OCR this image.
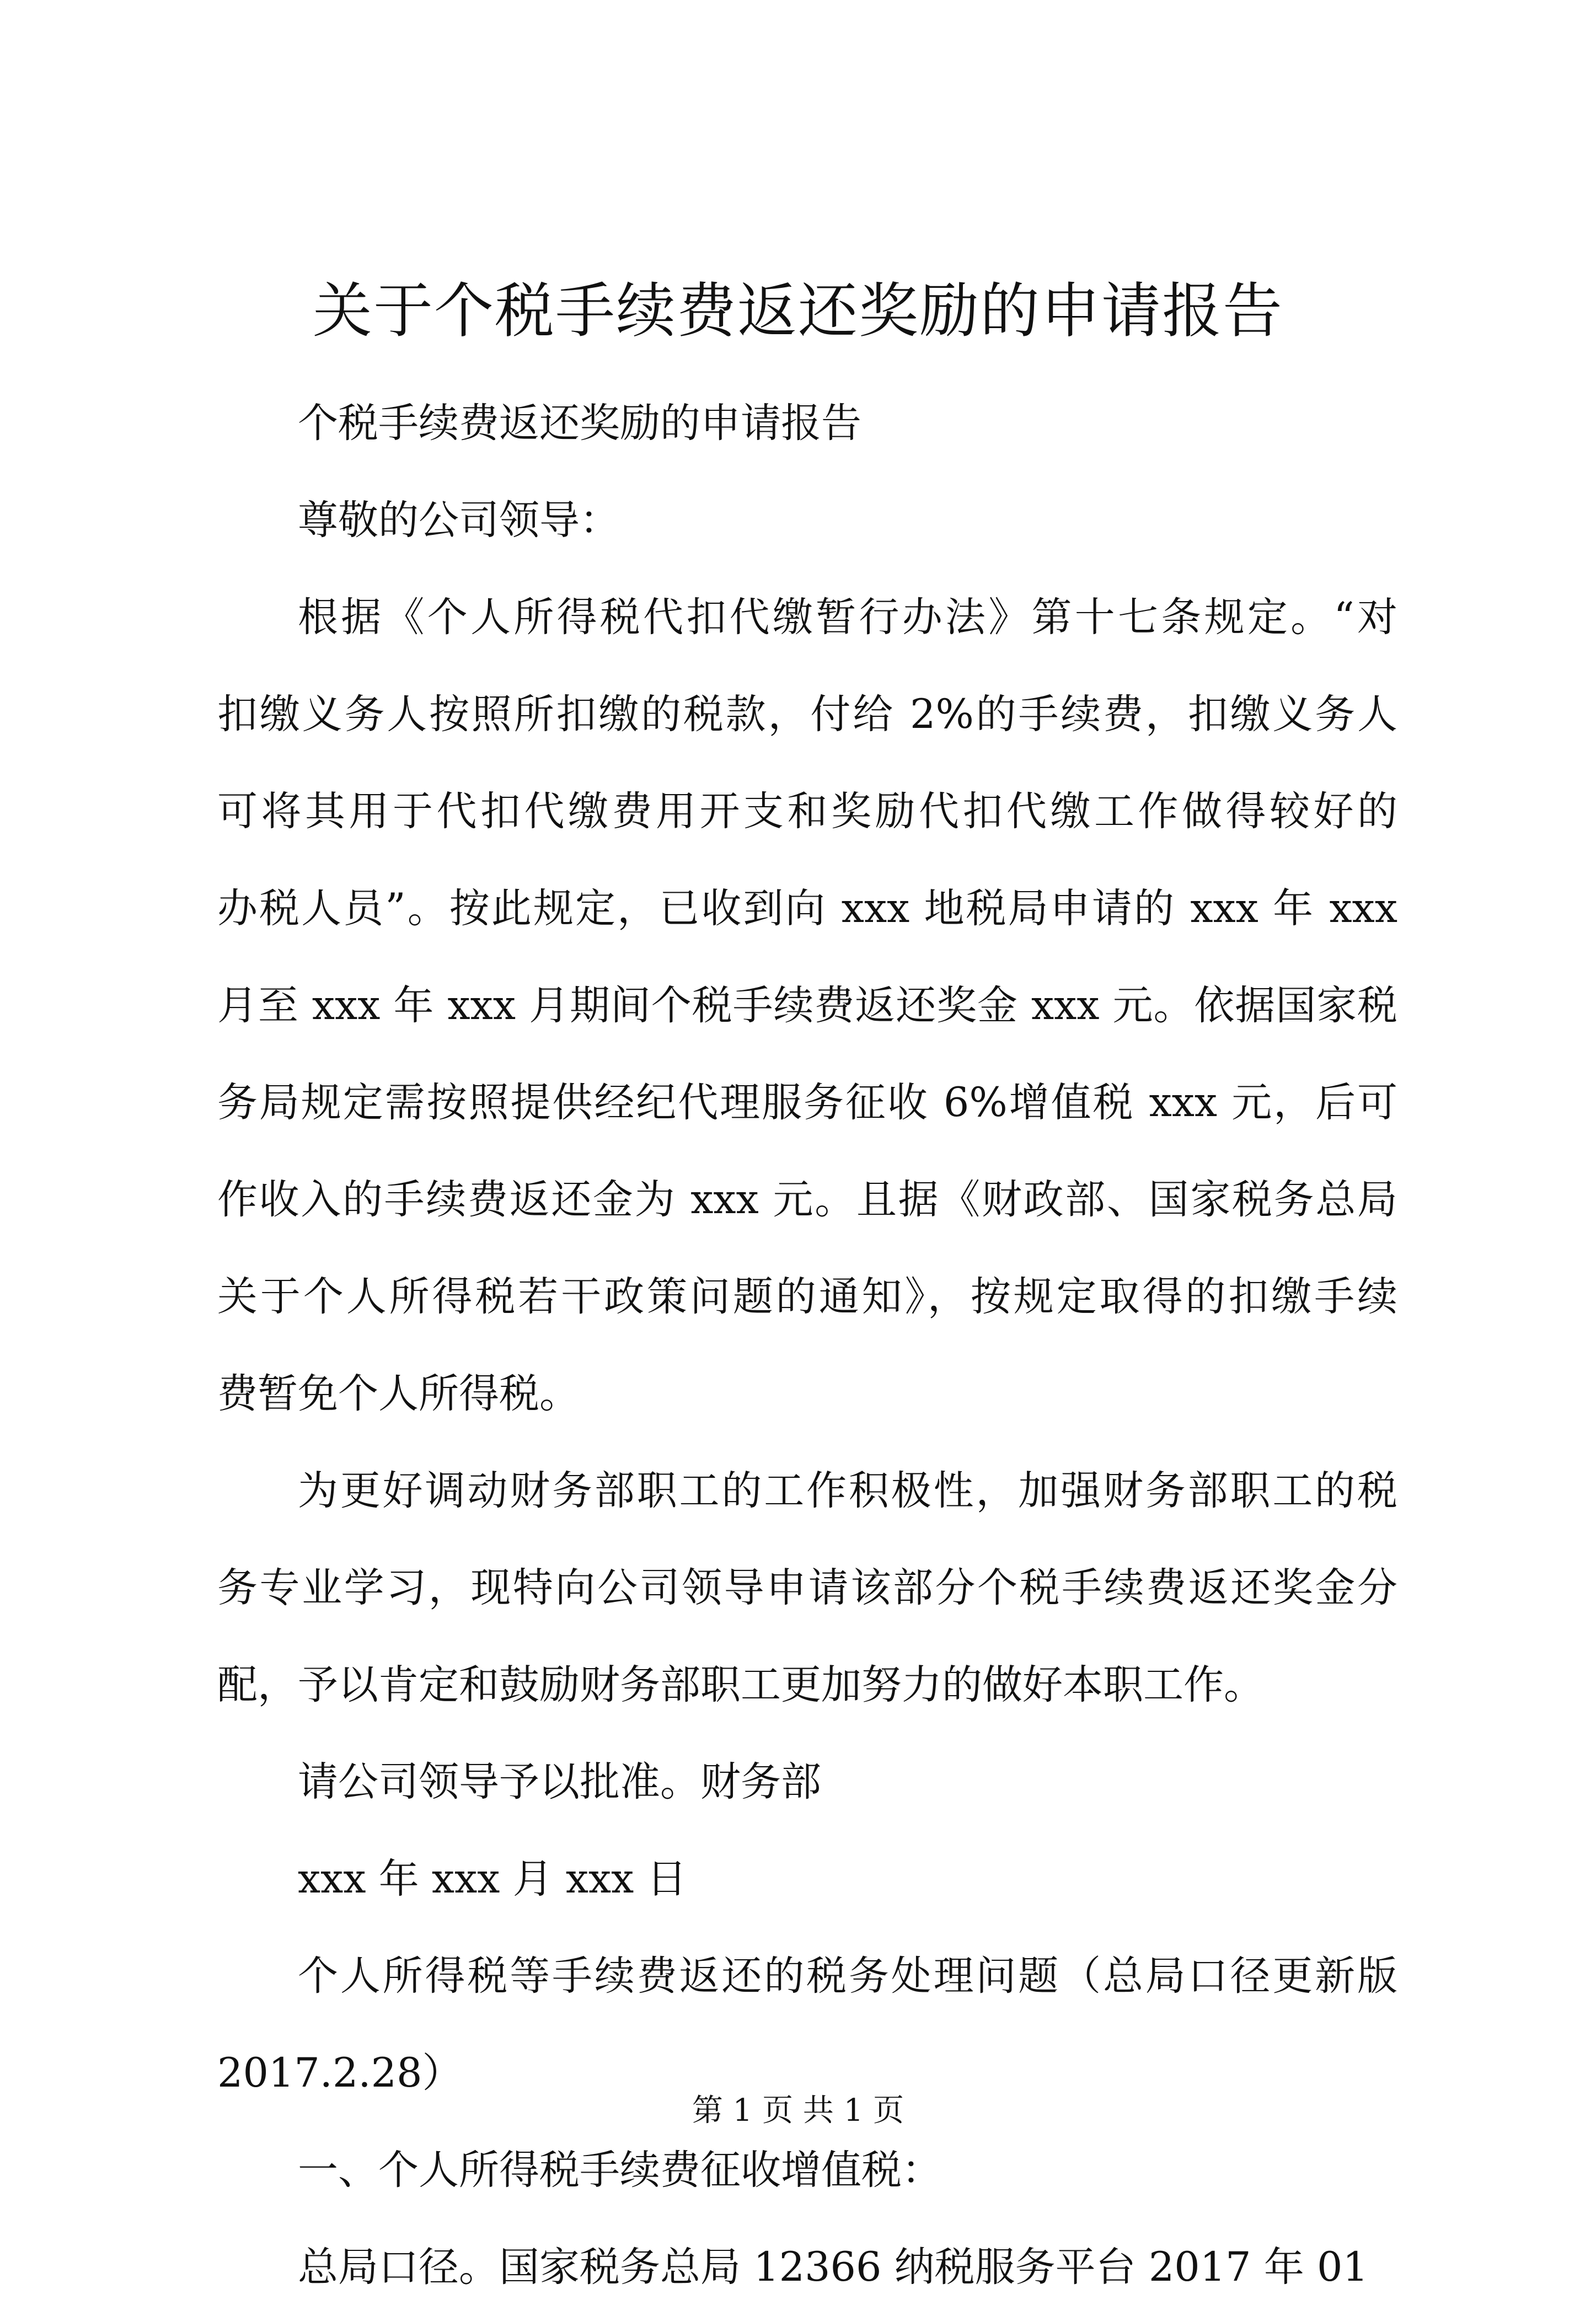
关于个税手续费返还奖励的申请报告
个税手续费返还奖励的申请报告
尊敬的公司领导：
根据《个人所得税代扣代缴暂行办法》第十七条规定。“对
扣缴义务人按照所扣缴的税款，付给 2%的手续费，扣缴义务人
可将其用于代扣代缴费用开支和奖励代扣代缴工作做得较好的
办税人员”。按此规定，已收到向 xxx 地税局申请的 xxx 年 xxx
月至 xxx 年 xxx 月期间个税手续费返还奖金 xxx 元。依据国家税
务局规定需按照提供经纪代理服务征收 6%增值税 xxx 元，后可
作收入的手续费返还金为 xxx 元。且据《财政部、国家税务总局
关于个人所得税若干政策问题的通知》，按规定取得的扣缴手续
费暂免个人所得税。
为更好调动财务部职工的工作积极性，加强财务部职工的税
务专业学习，现特向公司领导申请该部分个税手续费返还奖金分
配，予以肯定和鼓励财务部职工更加努力的做好本职工作。
请公司领导予以批准。财务部
xxx 年 xxx 月 xxx 日
个人所得税等手续费返还的税务处理问题（总局口径更新版
2017.2.28）
一、个人所得税手续费征收增值税：
总局口径。国家税务总局 12366 纳税服务平台 2017 年 01
第 1 页 共 1 页
